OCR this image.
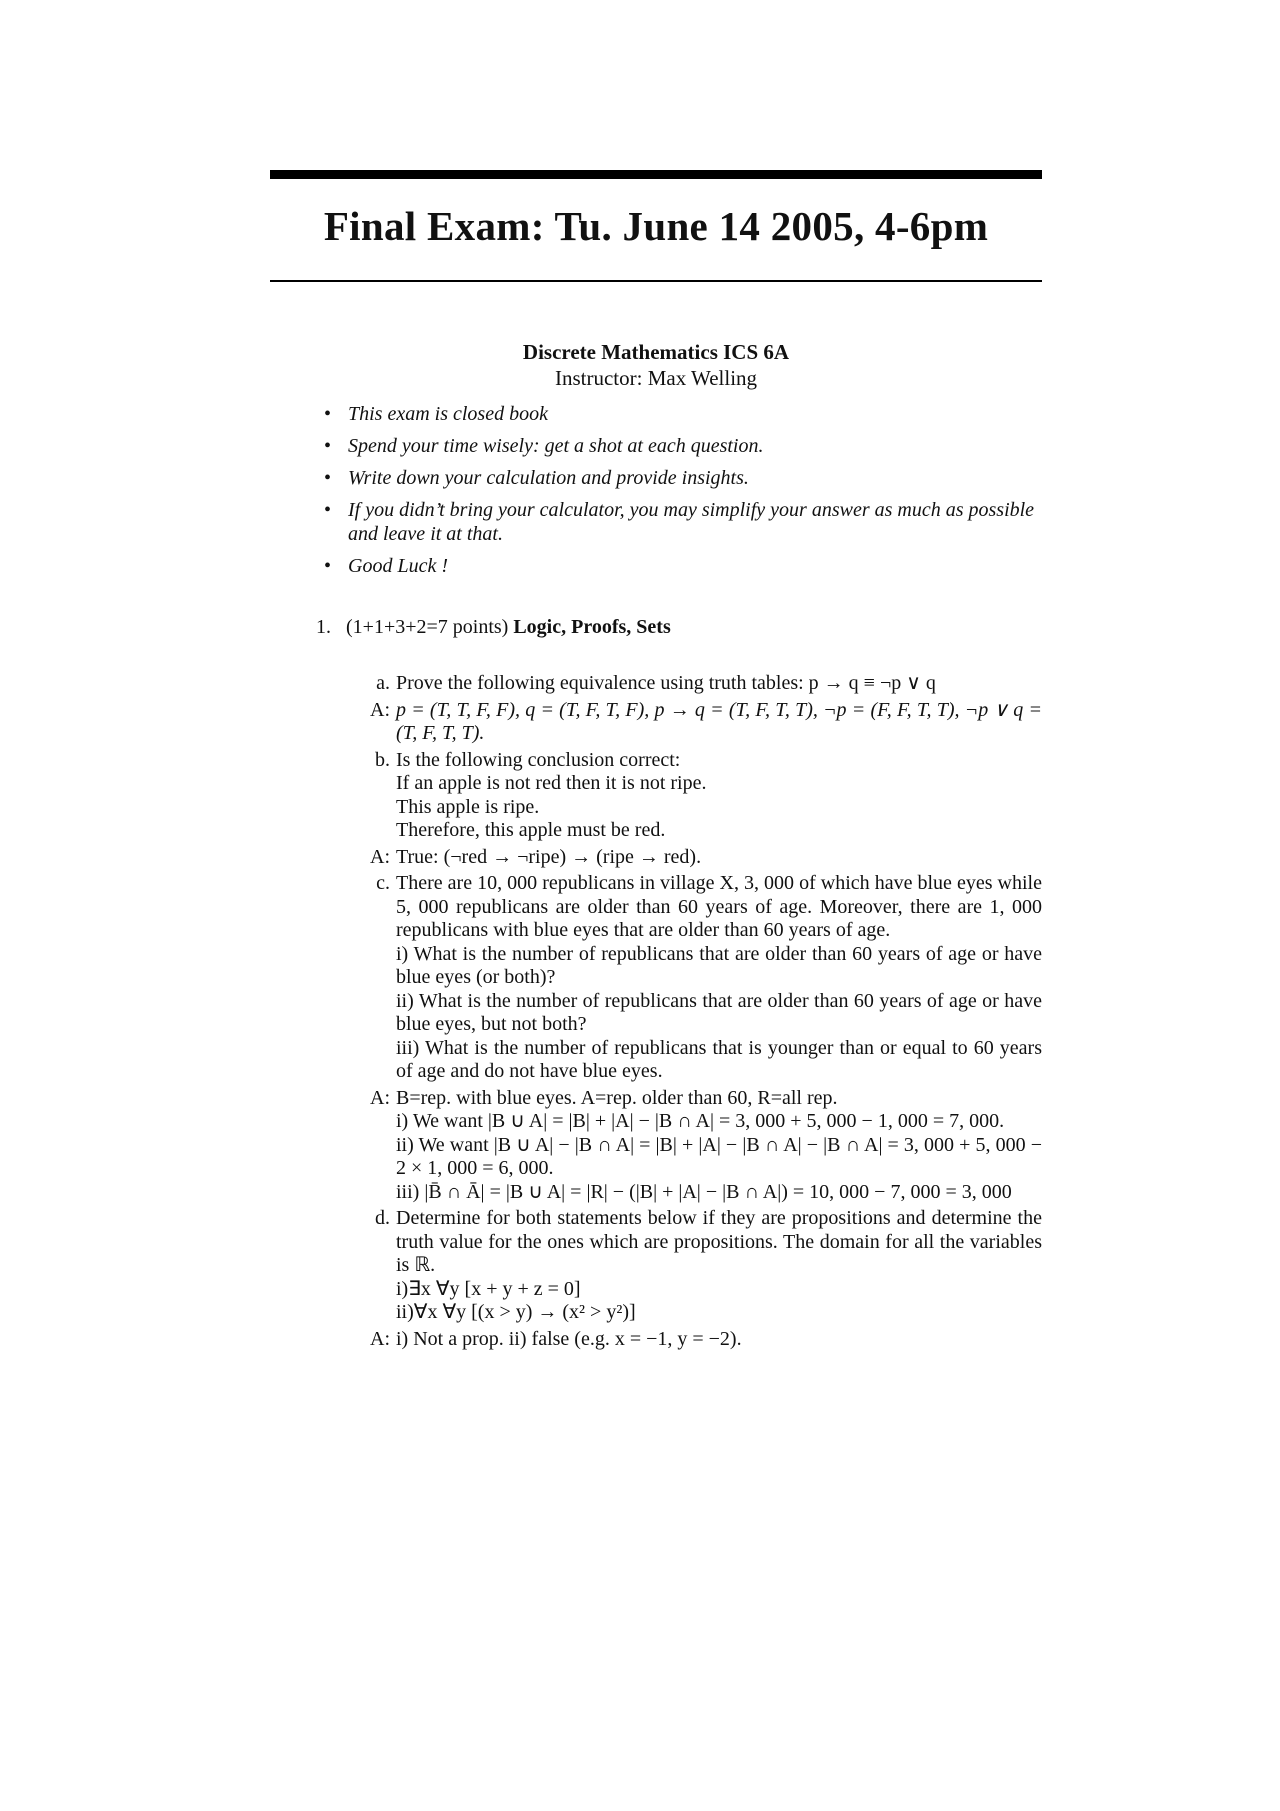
Final Exam: Tu. June 14 2005, 4-6pm
Discrete Mathematics ICS 6A
Instructor: Max Welling
• This exam is closed book
• Spend your time wisely: get a shot at each question.
• Write down your calculation and provide insights.
• If you didn’t bring your calculator, you may simplify your answer as much as possible and leave it at that.
• Good Luck !
1. (1+1+3+2=7 points) Logic, Proofs, Sets
a. Prove the following equivalence using truth tables: p → q ≡ ¬p ∨ q
A: p = (T, T, F, F), q = (T, F, T, F), p → q = (T, F, T, T), ¬p = (F, F, T, T), ¬p ∨ q = (T, F, T, T).
b. Is the following conclusion correct:
If an apple is not red then it is not ripe.
This apple is ripe.
Therefore, this apple must be red.
A: True: (¬red → ¬ripe) → (ripe → red).
c. There are 10, 000 republicans in village X, 3, 000 of which have blue eyes while 5, 000 republicans are older than 60 years of age. Moreover, there are 1, 000 republicans with blue eyes that are older than 60 years of age.
i) What is the number of republicans that are older than 60 years of age or have blue eyes (or both)?
ii) What is the number of republicans that are older than 60 years of age or have blue eyes, but not both?
iii) What is the number of republicans that is younger than or equal to 60 years of age and do not have blue eyes.
A: B=rep. with blue eyes. A=rep. older than 60, R=all rep.
i) We want |B ∪ A| = |B| + |A| − |B ∩ A| = 3, 000 + 5, 000 − 1, 000 = 7, 000.
ii) We want |B ∪ A| − |B ∩ A| = |B| + |A| − |B ∩ A| − |B ∩ A| = 3, 000 + 5, 000 − 2 × 1, 000 = 6, 000.
iii) |B̄ ∩ Ā| = |B ∪ A| = |R| − (|B| + |A| − |B ∩ A|) = 10, 000 − 7, 000 = 3, 000
d. Determine for both statements below if they are propositions and determine the truth value for the ones which are propositions. The domain for all the variables is ℝ.
i)∃x ∀y [x + y + z = 0]
ii)∀x ∀y [(x > y) → (x² > y²)]
A: i) Not a prop. ii) false (e.g. x = −1, y = −2).
